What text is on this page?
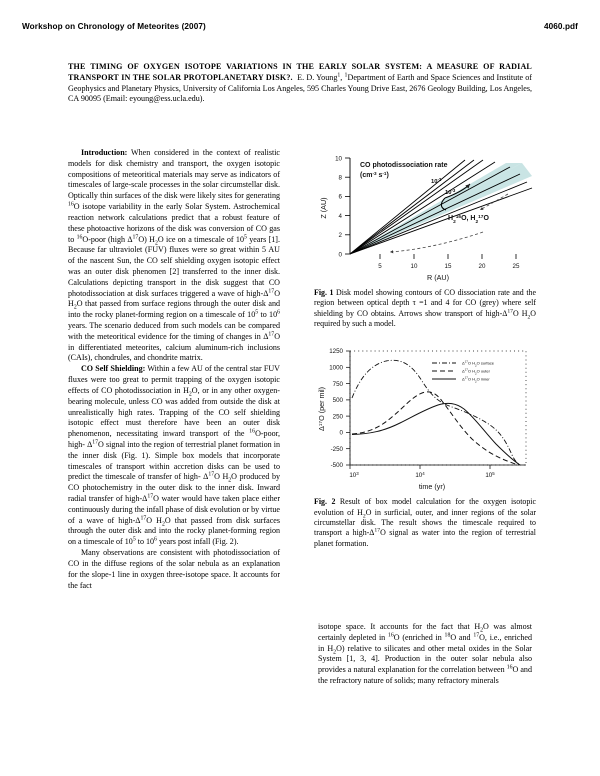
Workshop on Chronology of Meteorites (2007)	4060.pdf
THE TIMING OF OXYGEN ISOTOPE VARIATIONS IN THE EARLY SOLAR SYSTEM: A MEASURE OF RADIAL TRANSPORT IN THE SOLAR PROTOPLANETARY DISK?. E. D. Young$^1$, $^1$Department of Earth and Space Sciences and Institute of Geophysics and Planetary Physics, University of California Los Angeles, 595 Charles Young Drive East, 2676 Geology Building, Los Angeles, CA 90095 (Email: eyoung@ess.ucla.edu).

Introduction: When considered in the context of realistic models for disk chemistry and transport, the oxygen isotopic compositions of meteoritical materials may serve as indicators of timescales of large-scale processes in the solar circumstellar disk. Optically thin surfaces of the disk were likely sites for generating $^{16}$O isotope variability in the early Solar System. Astrochemical reaction network calculations predict that a robust feature of these photoactive horizons of the disk was conversion of CO gas to $^{16}$O-poor (high $\Delta^{17}O$) $H_2O$ ice on a timescale of $10^5$ years [1]. Because far ultraviolet (FUV) fluxes were so great within 5 AU of the nascent Sun, the CO self shielding oxygen isotopic effect was an outer disk phenomen [2] transferred to the inner disk. Calculations depicting transport in the disk suggest that CO photodissociation at disk surfaces triggered a wave of high-$\Delta^{17}O$ $H_2O$ that passed from surface regions through the outer disk and into the rocky planet-forming region on a timescale of $10^5$ to $10^6$ years. The scenario deduced from such models can be compared with the meteoritical evidence for the timing of changes in $\Delta^{17}O$ in differentiated meteorites, calcium aluminum-rich inclusions (CAIs), chondrules, and chondrite matrix.

CO Self Shielding: Within a few AU of the central star FUV fluxes were too great to permit trapping of the oxygen isotopic effects of CO photodissociation in $H_2O$, or in any other oxygen-bearing molecule, unless CO was added from outside the disk at unrealistically high rates. Trapping of the CO self shielding isotopic effect must therefore have been an outer disk phenomenon, necessitating inward transport of the $^{16}$O-poor, high- $\Delta^{17}O$ signal into the region of terrestrial planet formation in the inner disk (Fig. 1). Simple box models that incorporate timescales of transport within accretion disks can be used to predict the timescale of transfer of high- $\Delta^{17}O$ $H_2O$ produced by CO photochemistry in the outer disk to the inner disk. Inward radial transfer of high-$\Delta^{17}O$ water would have taken place either continuously during the infall phase of disk evolution or by virtue of a wave of high-$\Delta^{17}O$ $H_2O$ that passed from disk surfaces through the outer disk and into the rocky planet-forming region on a timescale of $10^5$ to $10^6$ years post infall (Fig. 2).

Many observations are consistent with photodissociation of CO in the diffuse regions of the solar nebula as an explanation for the slope-1 line in oxygen three-isotope space. It accounts for the fact

10
8
6
4
2
0
5	10	15	20	25
Z (AU)
R (AU)
CO photodissociation rate
($cm^{-3}$ $s^{-1}$)
$10^{-2}$
$10^{-3}$
$H_2^{16}O$, $H_2^{17}O$
Fig. 1 Disk model showing contours of CO dissociation rate and the region between optical depth τ =1 and 4 for CO (grey) where self shielding by CO obtains. Arrows show transport of high-$\Delta^{17}O$ $H_2O$ required by such a model.
1250
1000
750
500
250
0
-250
-500
$10^3$	$10^4$	$10^5$
$\Delta^{17}O$ (per mil)
time (yr)
$\Delta^{17}O$ $H_2O$ surface
$\Delta^{17}O$ $H_2O$ outer
$\Delta^{17}O$ $H_2O$ inner
Fig. 2 Result of box model calculation for the oxygen isotopic evolution of $H_2O$ in surficial, outer, and inner regions of the solar circumstellar disk. The result shows the timescale required to transport a high-$\Delta^{17}O$ signal as water into the region of terrestrial planet formation.

isotope space. It accounts for the fact that $H_2O$ was almost certainly depleted in $^{16}$O (enriched in $^{18}$O and $^{17}$O, i.e., enriched in $H_2O$) relative to silicates and other metal oxides in the Solar System [1, 3, 4]. Production in the outer solar nebula also provides a natural explanation for the correlation between $^{16}$O and the refractory nature of solids; many refractory minerals
